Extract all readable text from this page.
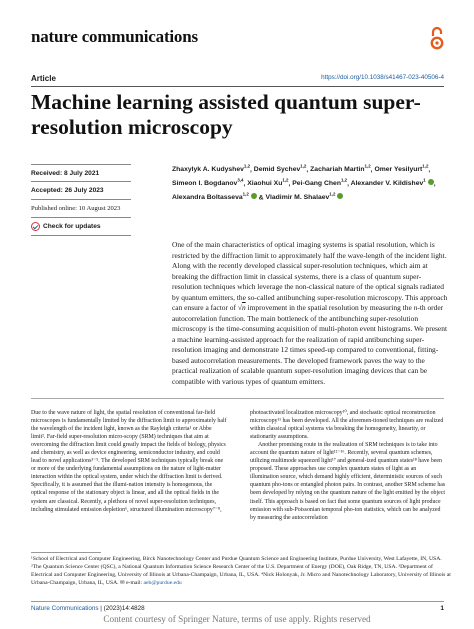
nature communications
Article	https://doi.org/10.1038/s41467-023-40506-4
Machine learning assisted quantum super-resolution microscopy
Received: 8 July 2021
Accepted: 26 July 2023
Published online: 10 August 2023
Check for updates
Zhaxylyk A. Kudyshev$^{1,2}$, Demid Sychev$^{1,2}$, Zachariah Martin$^{1,2}$, Omer Yesilyurt$^{1,2}$, Simeon I. Bogdanov$^{3,4}$, Xiaohui Xu$^{1,2}$, Pei-Gang Chen$^{1,2}$, Alexander V. Kildishev$^1$ , Alexandra Boltasseva$^{1,2}$ & Vladimir M. Shalaev$^{1,2}$

One of the main characteristics of optical imaging systems is spatial resolution, which is restricted by the diffraction limit to approximately half the wave-length of the incident light. Along with the recently developed classical super-resolution techniques, which aim at breaking the diffraction limit in classical systems, there is a class of quantum super-resolution techniques which leverage the non-classical nature of the optical signals radiated by quantum emitters, the so-called antibunching super-resolution microscopy. This approach can ensure a factor of √n improvement in the spatial resolution by measuring the n-th order autocorrelation function. The main bottleneck of the antibunching super-resolution microscopy is the time-consuming acquisition of multi-photon event histograms. We present a machine learning-assisted approach for the realization of rapid antibunching super-resolution imaging and demonstrate 12 times speed-up compared to conventional, fitting-based autocorrelation measurements. The developed framework paves the way to the practical realization of scalable quantum super-resolution imaging devices that can be compatible with various types of quantum emitters.

Due to the wave nature of light, the spatial resolution of conventional far-field microscopes is fundamentally limited by the diffraction limit to approximately half the wavelength of the incident light, known as the Rayleigh criteria¹ or Abbe limit². Far-field super-resolution micro-scopy (SRM) techniques that aim at overcoming the diffraction limit could greatly impact the fields of biology, physics and chemistry, as well as device engineering, semiconductor industry, and could lead to novel applications³⁻⁵. The developed SRM techniques typically break one or more of the underlying fundamental assumptions on the nature of light-matter interaction within the optical system, under which the diffraction limit is derived. Specifically, it is assumed that the illumi-nation intensity is homogenous, the optical response of the stationary object is linear, and all the optical fields in the system are classical. Recently, a plethora of novel super-resolution techniques, including stimulated emission depletion⁶, structured illumination microscopy⁷⁻⁸,

photoactivated localization microscopy¹⁰, and stochastic optical reconstruction microscopy¹¹ has been developed. All the aforemen-tioned techniques are realized within classical optical systems via breaking the homogeneity, linearity, or stationarity assumptions.

Another promising route in the realization of SRM techniques is to take into account the quantum nature of light¹²⁻¹⁶. Recently, several quantum schemes, utilizing multimode squeezed light¹⁷ and general-ized quantum states¹⁸ have been proposed. These approaches use complex quantum states of light as an illumination source, which demand highly efficient, deterministic sources of such quantum pho-tons or entangled photon pairs. In contrast, another SRM scheme has been developed by relying on the quantum nature of the light emitted by the object itself. This approach is based on fact that some quantum sources of light produce emission with sub-Poissonian temporal pho-ton statistics, which can be analyzed by measuring the autocorrelation

¹School of Electrical and Computer Engineering, Birck Nanotechnology Center and Purdue Quantum Science and Engineering Institute, Purdue University, West Lafayette, IN, USA. ²The Quantum Science Center (QSC), a National Quantum Information Science Research Center of the U.S. Department of Energy (DOE), Oak Ridge, TN, USA. ³Department of Electrical and Computer Engineering, University of Illinois at Urbana-Champaign, Urbana, IL, USA. ⁴Nick Holonyak, Jr. Micro and Nanotechnology Laboratory, University of Illinois at Urbana-Champaign, Urbana, IL, USA. ✉ e-mail: aeb@purdue.edu
Nature Communications | (2023)14:4828	1
Content courtesy of Springer Nature, terms of use apply. Rights reserved
